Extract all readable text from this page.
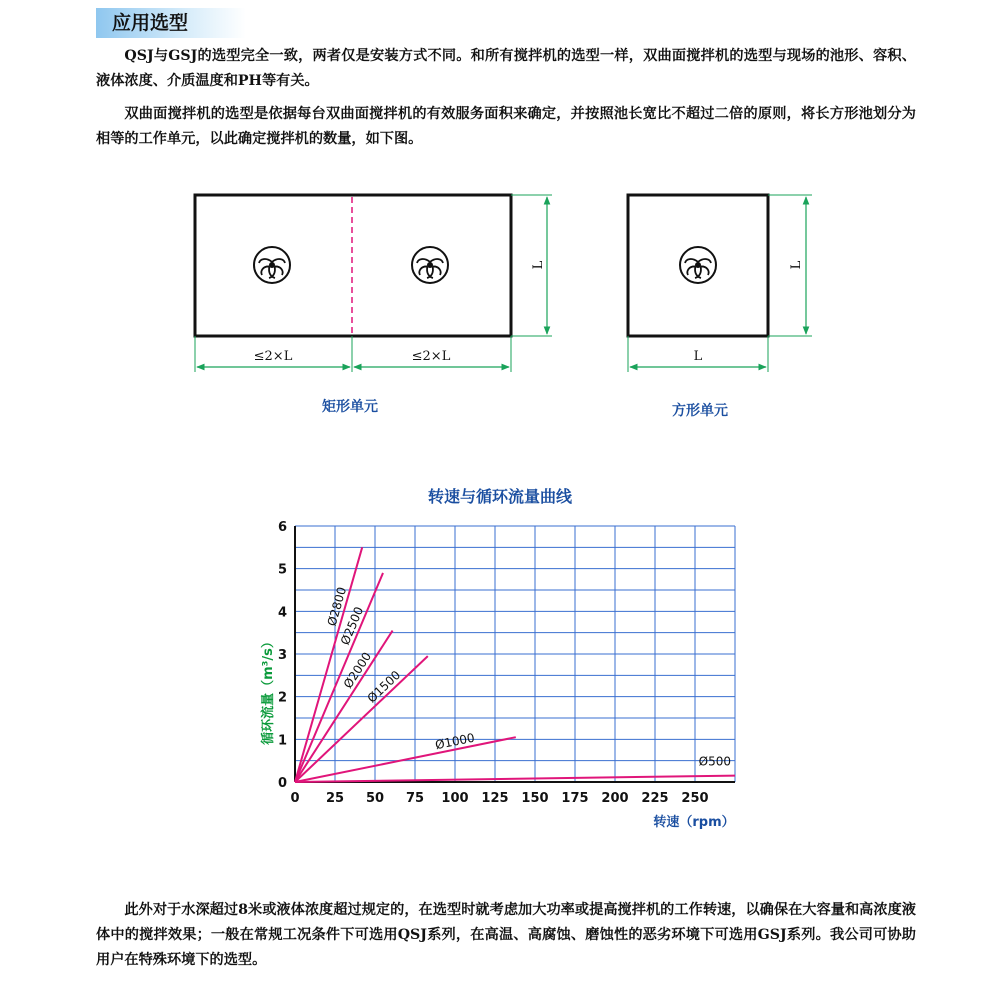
应用选型

QSJ与GSJ的选型完全一致，两者仅是安装方式不同。和所有搅拌机的选型一样，双曲面搅拌机的选型与现场的池形、容积、液体浓度、介质温度和PH等有关。

双曲面搅拌机的选型是依据每台双曲面搅拌机的有效服务面积来确定，并按照池长宽比不超过二倍的原则，将长方形池划分为相等的工作单元，以此确定搅拌机的数量，如下图。

≤2×L	≤2×L
L
L
L
矩形单元	方形单元
转速与循环流量曲线
0
1
2
3
4
5
6
0 25 50 75 100 125 150 175 200 225 250
Ø2800
Ø2500
Ø2000
Ø1500
Ø1000
Ø500
循环流量（m³/s）
转速（rpm）

此外对于水深超过8米或液体浓度超过规定的，在选型时就考虑加大功率或提高搅拌机的工作转速，以确保在大容量和高浓度液体中的搅拌效果；一般在常规工况条件下可选用QSJ系列，在高温、高腐蚀、磨蚀性的恶劣环境下可选用GSJ系列。我公司可协助用户在特殊环境下的选型。
